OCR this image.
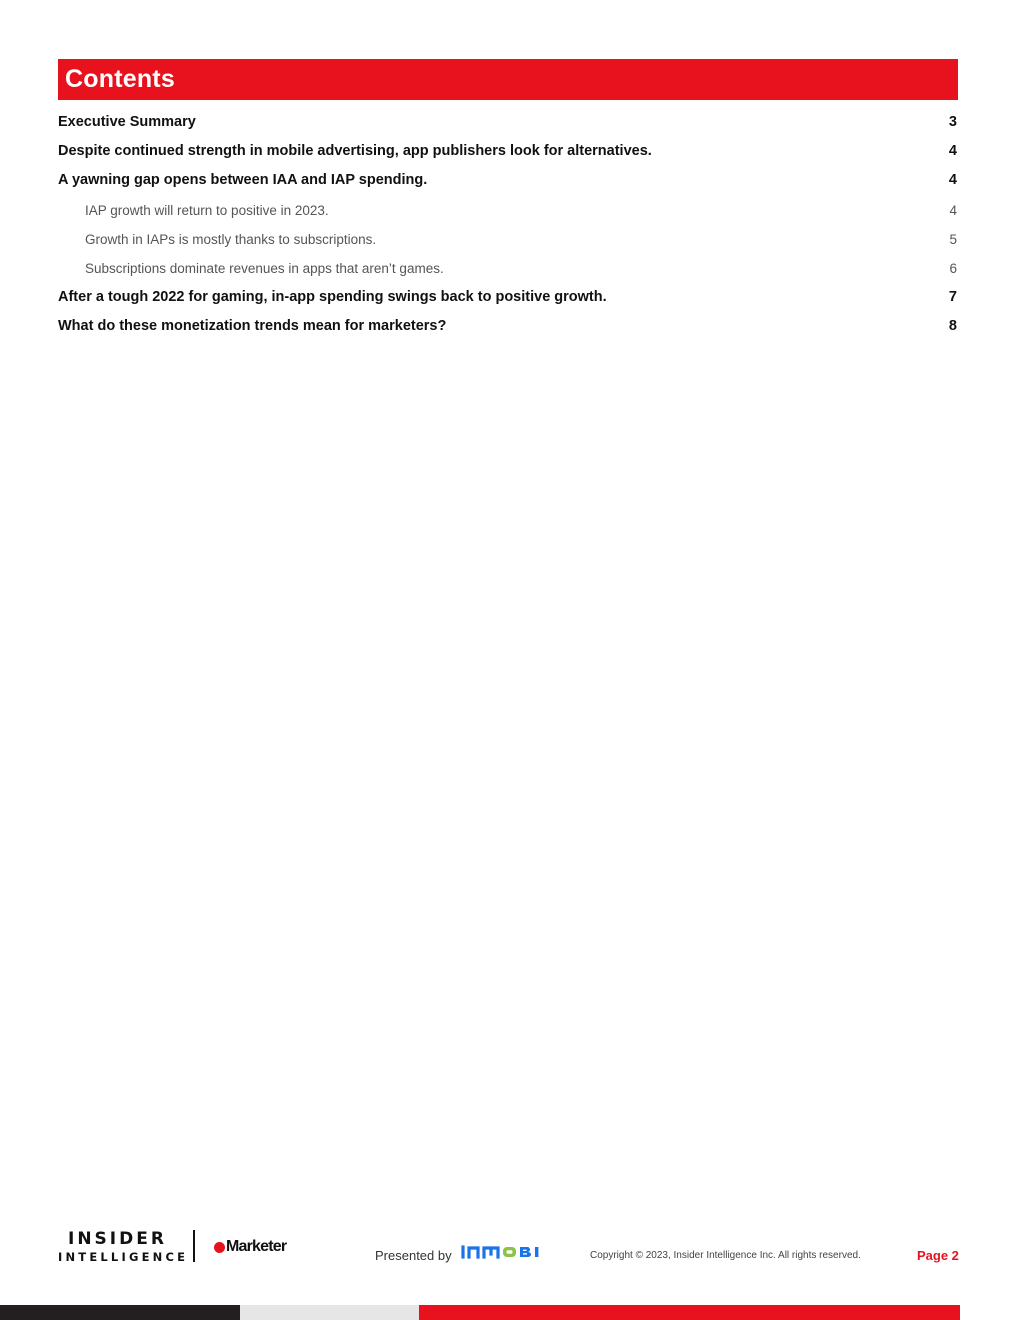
Contents
Executive Summary	3
Despite continued strength in mobile advertising, app publishers look for alternatives.	4
A yawning gap opens between IAA and IAP spending.	4
IAP growth will return to positive in 2023.	4
Growth in IAPs is mostly thanks to subscriptions.	5
Subscriptions dominate revenues in apps that aren’t games.	6
After a tough 2022 for gaming, in-app spending swings back to positive growth.	7
What do these monetization trends mean for marketers?	8
INSIDER
INTELLIGENCE
Marketer
Presented by	Copyright © 2023, Insider Intelligence Inc. All rights reserved.	Page 2
